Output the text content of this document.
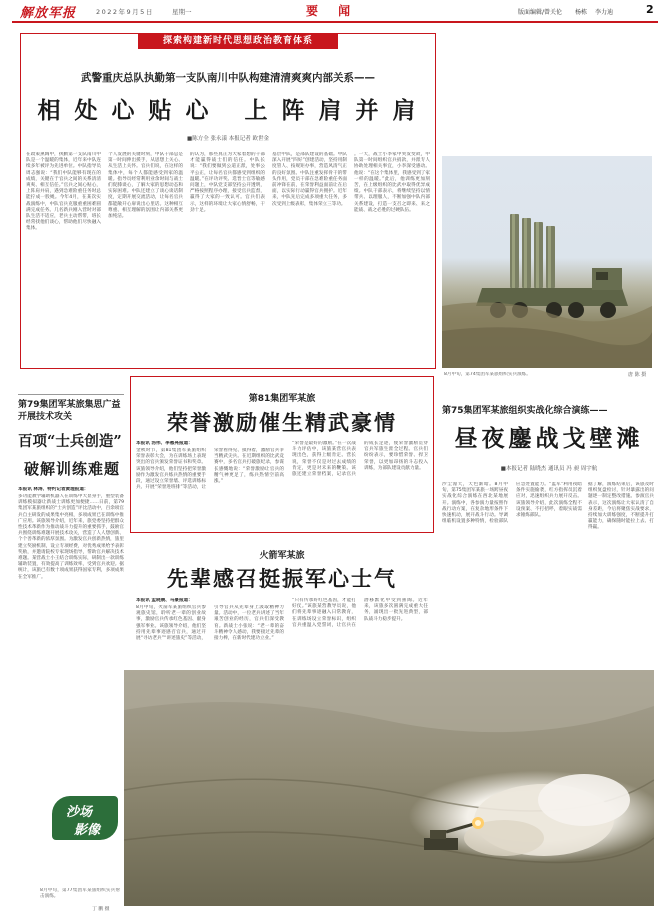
解放军报	2022年9月5日	星期一	要 闻	版面编辑/曾关伦 杨栋 李力迪	2
探索构建新时代思想政治教育体系
武警重庆总队执勤第一支队南川中队构建清清爽爽内部关系——
相 处 心 贴 心   上 阵 肩 并 肩
■陈方全 张永漾 本报记者 欧世金
在政策熏陶中，执勤第一支队南川中队是一个温暖的集体，近年来中队连续多年被评为先进单位。中队指导员周志强说：“我们中队能够有现在的成绩，关键在于官兵之间的关系清清爽爽、相互信任。”官兵之间心贴心，上阵肩并肩，遇到急难险重任务时总能拧成一股绳。今年4月，在某次实战演练中，中队官兵克服重重困难圆满完成任务。几名新兵刚入营时对部队生活不适应，老兵主动帮带，班长经常找他们谈心，帮助他们尽快融入集体。
个人发展的关键时刻，中队干部总是第一时间伸出援手，从思想上关心、从生活上关怀。官兵们说，在这样的集体中，每个人都能感受到家的温暖。指导员经常利用业余时间与战士们促膝谈心，了解大家的思想动态和实际困难。中队还建立了谈心谈话制度，定期开展交流活动，让每名官兵都能敞开心扉说出心里话。这种相互尊重、相互理解的氛围让内部关系更加纯洁。
的认为，那些真正为大家着想的干部才能赢得战士们的信任。中队长说：“我们要做到公道正派，处事公平公正，让每名官兵都感受到组织的温暖。”在评功评奖、选晋士官等敏感问题上，中队党支部坚持公开透明，严格按照程序办理，接受官兵监督，赢得了大家的一致认可。官兵们表示，这样的环境让大家心情舒畅，干劲十足。
基层中队，是部队建设的基础。中队深入开展“四好”创建活动，坚持用制度管人、按规矩办事，营造风清气正的良好氛围。中队注重发挥骨干的带头作用，党员干部在急难险重任务面前冲锋在前，在荣誉利益面前让在后面，以实际行动赢得官兵拥护。近年来，中队先后完成多项重大任务，多次受到上级表彰，集体荣立三等功。
。一天，战士小李家中突发变故，中队第一时间组织官兵捐款，并派专人协助处理相关事宜，小李深受感动。他说：“在这个集体里，我感受到了家一样的温暖。”此后，他训练更加刻苦，在上级组织的比武中取得优异成绩。中队干部表示，将继续坚持以情带兵、以理服人，不断加强中队内部关系建设，打造一支召之即来、来之能战、战之必胜的过硬队伍。
8月中旬，第74集团军某旅组织实兵演练。	唐 陈 摄
第79集团军某旅集思广益开展技术攻关
百项“士兵创造”
破解训练难题
本报讯 林涛、特约记者黄理报道：
多功能教学辅助机器人在训练中大显身手，重型装备训练模拟器让新战士训练更加便捷……日前，第79集团军某旅组织的“士兵创造”评比活动中，百余项官兵自主研发的成果集中亮相，多项成果已在训练中推广应用。该旅领导介绍，近年来，旅党委坚持把群众性技术革新作为推动战斗力提升的重要抓手，鼓励官兵围绕训练难题开展技术攻关，营造了人人想创新、个个善革新的浓厚氛围。为激发官兵创新热情，旅里建立奖励机制，设立专项经费，对优秀成果给予表彰奖励，并邀请院校专家现场指导，帮助官兵解决技术难题。某营战士小王结合训练实际，研制出一款训练辅助装置，有效提高了训练效率，受到官兵欢迎。据统计，该旅已有数十项成果获得国家专利，多项成果在全军推广。
沙场
影像
8月中旬，第77集团军某旅组织实兵射击演练。
丁 鹏 摄
第81集团军某旅
荣誉激励催生精武豪情
本报讯 汤伟、李惠亮报道：
金秋时节，第81集团军某旅组织荣誉表彰大会，为在训练场上表现突出的官兵颁发荣誉证书和奖章。该旅领导介绍，他们坚持把荣誉激励作为激发官兵练兵热情的重要手段，通过设立荣誉墙、评选训练标兵、开展“荣誉进班排”等活动，让荣誉看得见、摸得着，激励官兵争当精武尖兵。在近期组织的比武竞赛中，多名官兵打破旅纪录，参谋长感慨地说：“荣誉激励让官兵的精气神更足了，练兵热情空前高涨。”
“荣誉是最好的激励。”在一次战斗力评估中，该旅某营官兵表现出色，获得上级肯定。营长说，荣誉不仅是对过去成绩的肯定，更是对未来的鞭策。该旅还建立荣誉档案，记录官兵的成长足迹，使荣誉激励贯穿官兵军旅生涯全过程。官兵们纷纷表示，要珍惜荣誉、捍卫荣誉，以更加昂扬的斗志投入训练，为部队建设贡献力量。
火箭军某旅
先辈感召挺振军心士气
本报讯 孟晓晨、马豪报道：
8月中旬，火箭军某旅组织官兵参观旅史馆，聆听老一辈的创业故事，激励官兵传承红色基因、献身强军事业。该旅领导介绍，他们坚持用先辈事迹感召官兵，通过开展“寻访老兵”“讲述旅史”等活动，引导官兵从先辈身上汲取精神力量。活动中，一位老兵讲述了当年艰苦创业的经历，官兵们深受教育。新战士小张说：“老一辈的奋斗精神令人感动，我要接过先辈的接力棒，在新时代建功立业。”
“只有传承好红色基因，才能打好仗。”该旅某营教导员说，他们将先辈事迹融入日常教育，在训练场设立荣誉标识，组织官兵重温入党誓词，让官兵在潜移默化中受到熏陶。近年来，该旅多次圆满完成重大任务，涌现出一批先进典型，部队战斗力稳步提升。
第75集团军某旅组织实战化综合演练——
昼夜鏖战戈壁滩
■本报记者 陆晓杰 通讯员 冯 昶 周宇航
沙尘漫天，天色渐暗。8月中旬，第75集团军某旅一场跨昼夜实战化综合演练在西北某地展开。演练中，各参演力量按照作战行动方案，在复杂地形条件下快速机动，展开战斗行动。导调组临机设置多种特情，检验部队应急处置能力。“蓝军”利用夜暗条件实施偷袭，红方指挥员沉着应对，迅速组织兵力展开反击。该旅领导介绍，此次演练全程不设预案、不打招呼，着眼实战需求锤炼部队。
据了解，演练结束后，该旅及时组织复盘检讨，针对暴露出的问题逐一制定整改措施。参演官兵表示，这次演练让大家认清了自身差距，今后将聚焦实战要求，持续加大训练强度，不断提升打赢能力，确保随时能拉上去、打得赢。
